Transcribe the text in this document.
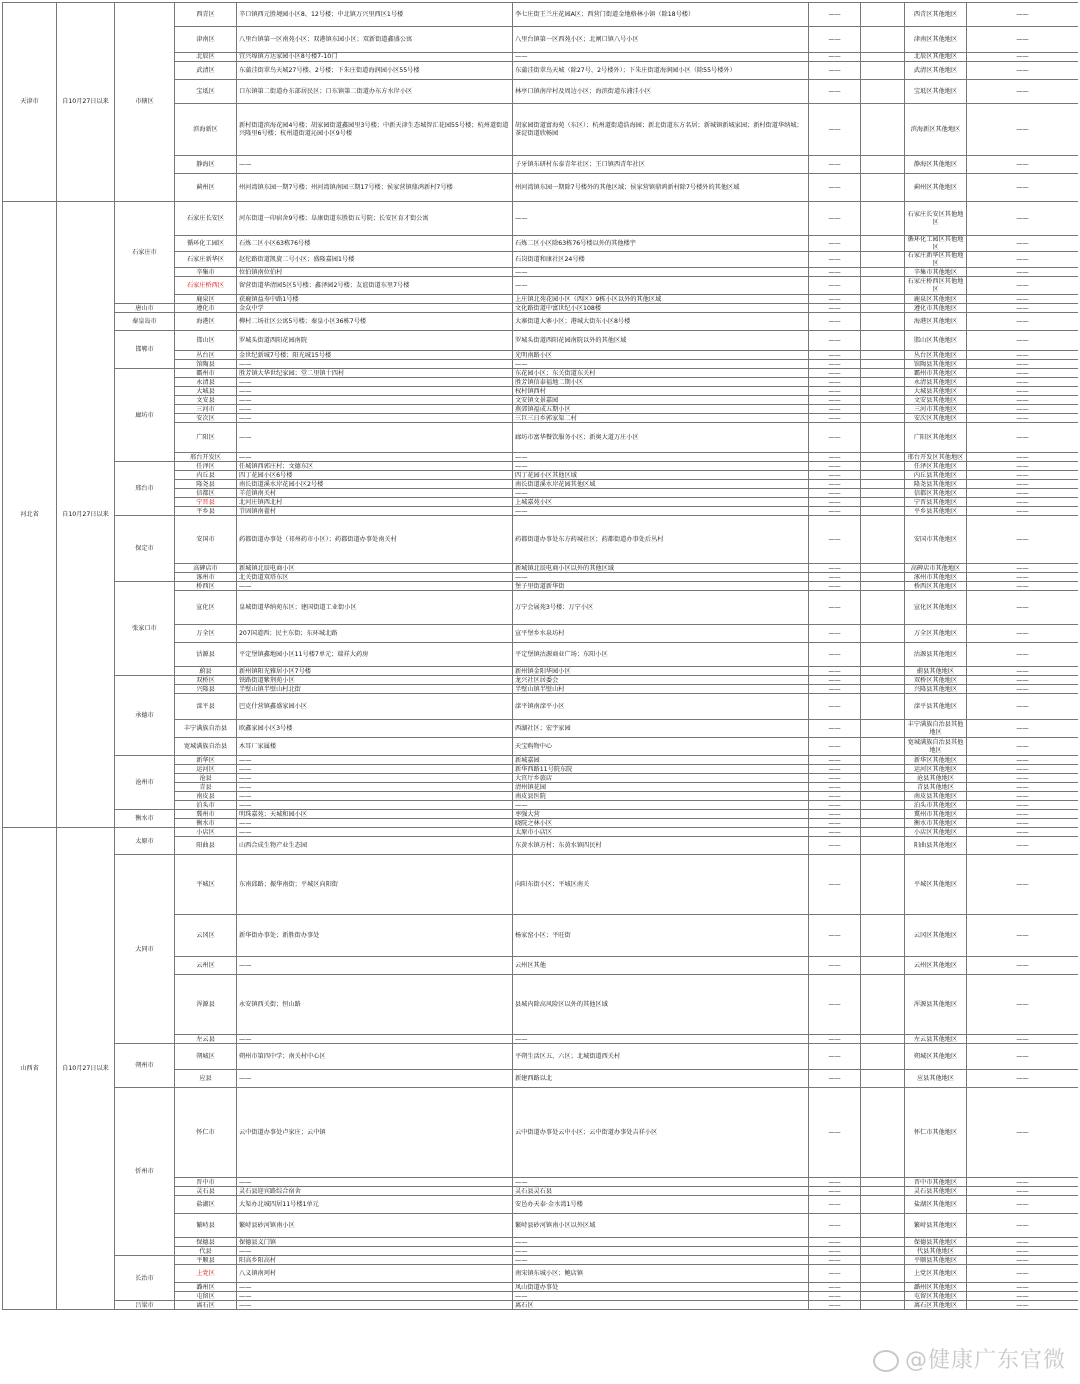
天津市	自10月27日以来	市辖区	西青区	辛口镇西元胜境园小区8、12号楼；中北镇万兴里西区1号楼	李七庄街王兰庄花园A区；西营门街道金地格林小镇（除18号楼）	——		西青区其他地区	——
			津南区	八里台镇第一区南苑小区；双港镇东园小区；双新街道鑫盛公寓	八里台镇第一区西苑小区；北闸口镇八号小区	——		津南区其他地区	——
			北辰区	宜兴埠镇方达家园小区8号楼7-10门	——	——		北辰区其他地区	——
			武清区	东蒲洼街翠鸟天城27号楼、2号楼；下朱庄街道海润园小区55号楼	东蒲洼街翠鸟天城（除27号、2号楼外）；下朱庄街道海润园小区（除55号楼外）	——		武清区其他地区	——
			宝坻区	口东镇第二街道办东部居民区；口东镇第二街道办东方水岸小区	林亭口镇南岸村及周边小区；海滨街道东浦洼小区	——		宝坻区其他地区	——
			滨海新区	新村街道滨海花园4号楼；胡家园街道鑫园里3号楼；中新天津生态城智汇花园55号楼；杭州道街道兴隆里6号楼；杭州道街道沁园小区9号楼	胡家园街道富海苑（东区）；杭州道街道浩海园；新北街道东方名居；新城镇新城家园；新村街道华纳城；茶淀街道欣畅园	——		滨海新区其他地区	——
			静海区	——	子牙镇东研村东泰青年社区；王口镇西青年社区	——		静海区其他地区	——
			蓟州区	州河湾镇东园一期7号楼；州河湾镇南园三期17号楼；侯家营镇鼎鸿新村7号楼	州河湾镇东园一期除7号楼外的其他区域；侯家营镇鼎鸿新村除7号楼外的其他区域	——		蓟州区其他地区	——
河北省	自10月27日以来	石家庄市	石家庄长安区	河东街道一印宿舍9号楼；阜康街道东胜街五号院；长安区育才街公寓	——	——		石家庄长安区其他地区	——
			循环化工园区	石炼二区小区63栋76号楼	石炼二区小区除63栋76号楼以外的其他楼宇	——		循环化工园区其他地区	——
			石家庄新华区	赵佗路街道凯旋二号小区；盛隆嘉园1号楼	石岗街道和康社区24号楼	——		石家庄新华区其他地区	——
			辛集市	位伯镇南位伯村	——	——		辛集市其他地区	——
			石家庄桥西区	留营街道华清园5区5号楼；鑫泽园2号楼；友谊街道东里7号楼	——	——		石家庄桥西区其他地区	——
			鹿泉区	获鹿镇益寿中路1号楼	上庄镇北苑花园小区（西区）9栋小区以外的其他区域	——		鹿泉区其他地区	——
		唐山市	遵化市	金众中学	文化路街道中富世纪小区108楼	——		遵化市其他地区	——
		秦皇岛市	海港区	柳村二场社区公寓5号楼；秦皇小区36栋7号楼	大寨街道大寨小区；港城大街东小区8号楼	——		海港区其他地区	——
		邯郸市	邯山区	罗城头街道西阳花园南院	罗城头街道西阳花园南院以外的其他区域	——		邯山区其他地区	——
			丛台区	金世纪新城7号楼；阳光城15号楼	光明南路小区	——		丛台区其他地区	——
			馆陶县	——	——	——		馆陶县其他地区	——
		廊坊市	霸州市	胜芳镇大华世纪家园；堂二里镇十四村	东花园小区；东关街道东关村	——		霸州市其他地区	——
			永清县	——	胜芳镇信泰福地二期小区	——		永清县其他地区	——
			大城县	——	权村镇西村	——		大城县其他地区	——
			文安县	——	文安镇文景嘉园	——		文安县其他地区	——
			三河市	——	燕郊镇福成五期小区	——		三河市其他地区	——
			安次区	——	三巨三日乡郭家渠二村	——		安次区其他地区	——
			广阳区	——	廊坊市富华餐饮服务小区；新奥大道万庄小区	——		广阳区其他地区	——
			邢台开发区	——	——	——		邢台开发区其他地区	——
		邢台市	任泽区	任城镇西郭庄村；文德东区	——	——		任泽区其他地区	——
			内丘县	四丁花园小区6号楼	四丁花园小区其他区域	——		内丘县其他地区	——
			隆尧县	南长街道溪水岸花园小区2号楼	南长街道溪水岸花园其他区域	——		隆尧县其他地区	——
			信都区	羊范镇南关村	——	——		信都区其他地区	——
			宁晋县	北河庄镇西北村	上城嘉苑小区	——		宁晋县其他地区	——
			平乡县	节固镇南翟村	——	——		平乡县其他地区	——
		保定市	安国市	药都街道办事处（祁州药市小区）；药都街道办事处南关村	药都街道办事处东方药城社区；药都街道办事处后丛村	——		安国市其他地区	——
			高碑店市	新城镇北辰电商小区	新城镇北辰电商小区以外的其他区域	——		高碑店市其他地区	——
			涿州市	北关街道双塔东区	——	——		涿州市其他地区	——
		张家口市	桥西区	——	堡子里街道新华街	——		桥西区其他地区	——
			宣化区	皇城街道华纳苑东区；建国街道工业街小区	万宁会展苑3号楼；万宁小区	——		宣化区其他地区	——
			万全区	207国道西；民主东街；东环城北路	宣平堡乡水泉坊村	——		万全区其他地区	——
			沽源县	平定堡镇鑫地园小区11号楼7单元；瑞祥大药房	平定堡镇沽源商业广场；东阳小区	——		沽源县其他地区	——
			蔚县	新州镇阳光雅居小区7号楼	新州镇金阳华园小区	——		蔚县其他地区	——
		承德市	双桥区	铁路街道紫荆苑小区	龙兴社区居委会	——		双桥区其他地区	——
			兴隆县	半壁山镇半壁山村北街	半壁山镇半壁山村	——		兴隆县其他地区	——
			滦平县	巴克什营镇鑫盛家园小区	滦平镇南滦平小区	——		滦平县其他地区	——
			丰宁满族自治县	欧鑫家园小区3号楼	西湖社区；宏宇家园	——		丰宁满族自治县其他地区	——
			宽城满族自治县	木耳厂家属楼	天宝购物中心	——		宽城满族自治县其他地区	——
		沧州市	新华区	——	新城嘉园	——		新华区其他地区	——
			运河区	——	新华西路11号院东院	——		运河区其他地区	——
			沧县	——	大官厅乡旅店	——		沧县其他地区	——
			青县	——	清州镇花园	——		青县其他地区	——
			南皮县	——	南皮县医院	——		南皮县其他地区	——
			泊头市	——	——	——		泊头市其他地区	——
		衡水市	冀州市	明珠嘉苑；天城和园小区	枣强大营	——		冀州市其他地区	——
			衡水市	——	晓院之林小区	——		衡水市其他地区	——
山西省	自10月27日以来	太原市	小店区	——	太原市小店区	——		小店区其他地区	——
			阳曲县	山西合成生物产业生态园	东黄水镇方村；东黄水镇四民村	——		阳曲县其他地区	——
		大同市	平城区	东南邱路；振华南街；平城区向阳街	向阳东街小区；平城区南关	——		平城区其他地区	——
			云冈区	新华街办事处；新胜街办事处	杨家窑小区；平旺街	——		云冈区其他地区	——
			云州区	——	云州区其他	——		云州区其他地区	——
			浑源县	永安镇西关街；恒山路	县城内除高风险区以外的其他区域	——		浑源县其他地区	——
			左云县	——	——	——		左云县其他地区	——
		朔州市	朔城区	朔州市第四中学；南关村中心区	平朔生活区五、六区；北城街道西关村	——		朔城区其他地区	——
			应县	——	新建西路以北	——		应县其他地区	——
		忻州市	怀仁市	云中街道办事处卢家庄；云中镇	云中街道办事处云中小区；云中街道办事处吉祥小区	——		怀仁市其他地区	——
			晋中市	——	——	——		晋中市其他地区	——
			灵石县	灵石县迎宾路综合宿舍	灵石县灵石县	——		灵石县其他地区	——
			盐湖区	大渠办北城四居11号楼1单元	安邑办天泰·金水湾1号楼	——		盐湖区其他地区	——
			繁峙县	繁峙县砂河镇南小区	繁峙县砂河镇南小区以外区域	——		繁峙县其他地区	——
			保德县	保德县义门镇	——	——		保德县其他地区	——
			代县	——	——	——		代县其他地区	——
		长治市	平顺县	阳高乡阳高村	——	——		平顺县其他地区	——
			上党区	八义镇南珂村	南宋镇东城小区；鲍店镇	——		上党区其他地区	——
			潞州区	——	凤山街道办事处	——		潞州区其他地区	——
			屯留区	——	——	——		屯留区其他地区	——
		吕梁市	离石区	——	离石区	——		离石区其他地区	——
@健康广东官微
